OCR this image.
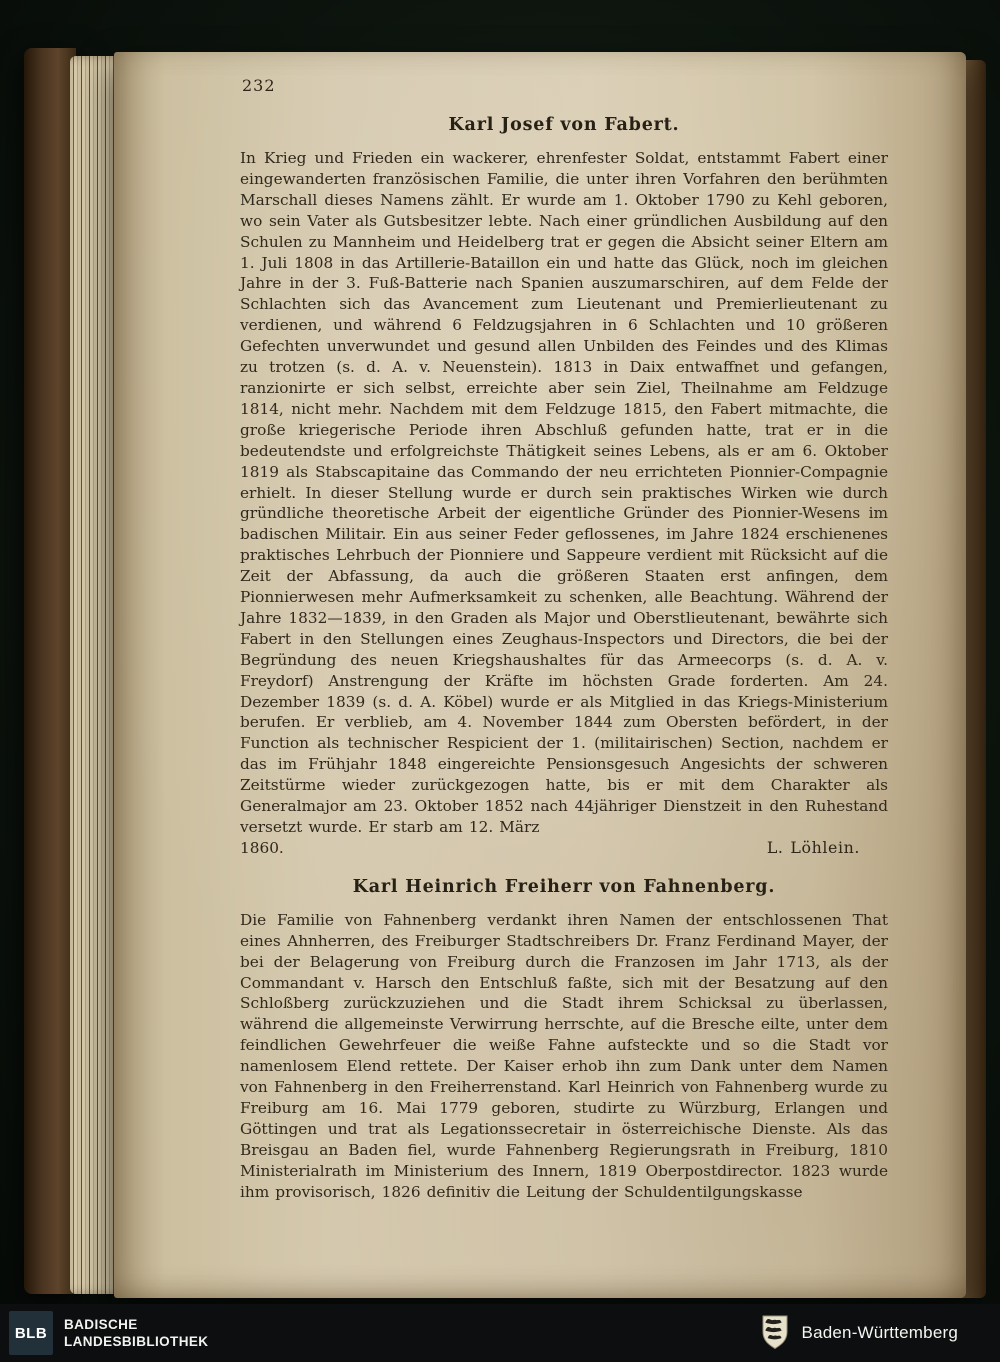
232
Karl Josef von Fabert.

In Krieg und Frieden ein wackerer, ehrenfester Soldat, entstammt Fabert einer eingewanderten französischen Familie, die unter ihren Vorfahren den berühmten Marschall dieses Namens zählt. Er wurde am 1. Oktober 1790 zu Kehl geboren, wo sein Vater als Gutsbesitzer lebte. Nach einer gründlichen Ausbildung auf den Schulen zu Mannheim und Heidelberg trat er gegen die Absicht seiner Eltern am 1. Juli 1808 in das Artillerie-Bataillon ein und hatte das Glück, noch im gleichen Jahre in der 3. Fuß-Batterie nach Spanien auszumarschiren, auf dem Felde der Schlachten sich das Avancement zum Lieutenant und Premierlieutenant zu verdienen, und während 6 Feldzugsjahren in 6 Schlachten und 10 größeren Gefechten unverwundet und gesund allen Unbilden des Feindes und des Klimas zu trotzen (s. d. A. v. Neuenstein). 1813 in Daix entwaffnet und gefangen, ranzionirte er sich selbst, erreichte aber sein Ziel, Theilnahme am Feldzuge 1814, nicht mehr. Nachdem mit dem Feldzuge 1815, den Fabert mitmachte, die große kriegerische Periode ihren Abschluß gefunden hatte, trat er in die bedeutendste und erfolgreichste Thätigkeit seines Lebens, als er am 6. Oktober 1819 als Stabscapitaine das Commando der neu errichteten Pionnier-Compagnie erhielt. In dieser Stellung wurde er durch sein praktisches Wirken wie durch gründliche theoretische Arbeit der eigentliche Gründer des Pionnier-Wesens im badischen Militair. Ein aus seiner Feder geflossenes, im Jahre 1824 erschienenes praktisches Lehrbuch der Pionniere und Sappeure verdient mit Rücksicht auf die Zeit der Abfassung, da auch die größeren Staaten erst anfingen, dem Pionnierwesen mehr Aufmerksamkeit zu schenken, alle Beachtung. Während der Jahre 1832—1839, in den Graden als Major und Oberstlieutenant, bewährte sich Fabert in den Stellungen eines Zeughaus-Inspectors und Directors, die bei der Begründung des neuen Kriegshaushaltes für das Armeecorps (s. d. A. v. Freydorf) Anstrengung der Kräfte im höchsten Grade forderten. Am 24. Dezember 1839 (s. d. A. Köbel) wurde er als Mitglied in das Kriegs-Ministerium berufen. Er verblieb, am 4. November 1844 zum Obersten befördert, in der Function als technischer Respicient der 1. (militairischen) Section, nachdem er das im Frühjahr 1848 eingereichte Pensionsgesuch Angesichts der schweren Zeitstürme wieder zurückgezogen hatte, bis er mit dem Charakter als Generalmajor am 23. Oktober 1852 nach 44jähriger Dienstzeit in den Ruhestand versetzt wurde. Er starb am 12. März

1860.	L. Löhlein.
Karl Heinrich Freiherr von Fahnenberg.

Die Familie von Fahnenberg verdankt ihren Namen der entschlossenen That eines Ahnherren, des Freiburger Stadtschreibers Dr. Franz Ferdinand Mayer, der bei der Belagerung von Freiburg durch die Franzosen im Jahr 1713, als der Commandant v. Harsch den Entschluß faßte, sich mit der Besatzung auf den Schloßberg zurückzuziehen und die Stadt ihrem Schicksal zu überlassen, während die allgemeinste Verwirrung herrschte, auf die Bresche eilte, unter dem feindlichen Gewehrfeuer die weiße Fahne aufsteckte und so die Stadt vor namenlosem Elend rettete. Der Kaiser erhob ihn zum Dank unter dem Namen von Fahnenberg in den Freiherrenstand. Karl Heinrich von Fahnenberg wurde zu Freiburg am 16. Mai 1779 geboren, studirte zu Würzburg, Erlangen und Göttingen und trat als Legationssecretair in österreichische Dienste. Als das Breisgau an Baden fiel, wurde Fahnenberg Regierungsrath in Freiburg, 1810 Ministerialrath im Ministerium des Innern, 1819 Oberpostdirector. 1823 wurde ihm provisorisch, 1826 definitiv die Leitung der Schuldentilgungskasse

BLB	BADISCHE
LANDESBIBLIOTHEK	Baden-Württemberg
